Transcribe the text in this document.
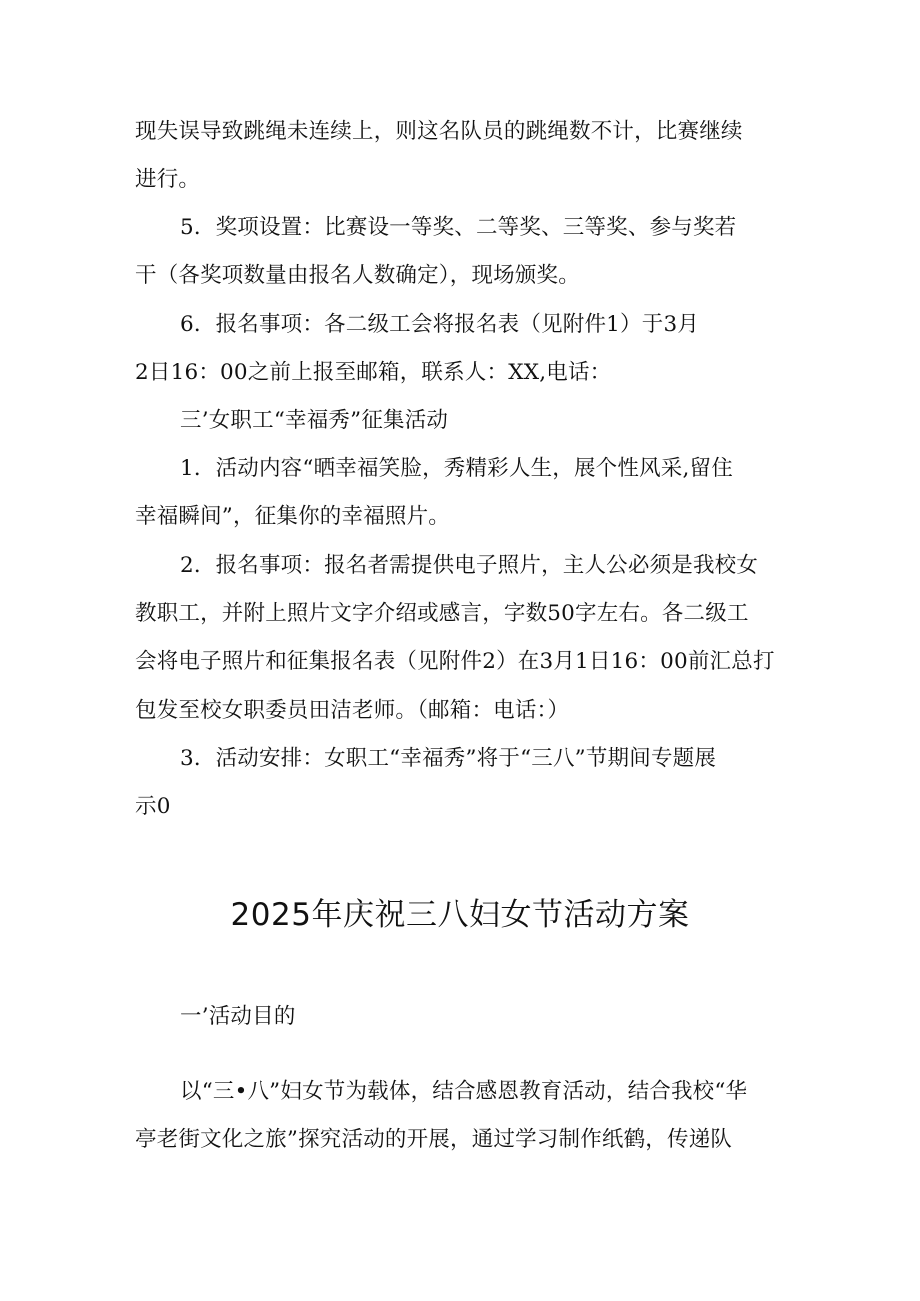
现失误导致跳绳未连续上，则这名队员的跳绳数不计，比赛继续

进行。

5．奖项设置：比赛设一等奖、二等奖、三等奖、参与奖若

干（各奖项数量由报名人数确定），现场颁奖。

6．报名事项：各二级工会将报名表（见附件1）于3月

2日16：00之前上报至邮箱，联系人：XX,电话：

三’女职工“幸福秀”征集活动

1．活动内容“晒幸福笑脸，秀精彩人生，展个性风采,留住

幸福瞬间”，征集你的幸福照片。

2．报名事项：报名者需提供电子照片，主人公必须是我校女

教职工，并附上照片文字介绍或感言，字数50字左右。各二级工

会将电子照片和征集报名表（见附件2）在3月1日16：00前汇总打

包发至校女职委员田洁老师。（邮箱：电话：）

3．活动安排：女职工“幸福秀”将于“三八”节期间专题展

示0

2025年庆祝三八妇女节活动方案

一’活动目的

以“三•八”妇女节为载体，结合感恩教育活动，结合我校“华

亭老街文化之旅”探究活动的开展，通过学习制作纸鹤，传递队
